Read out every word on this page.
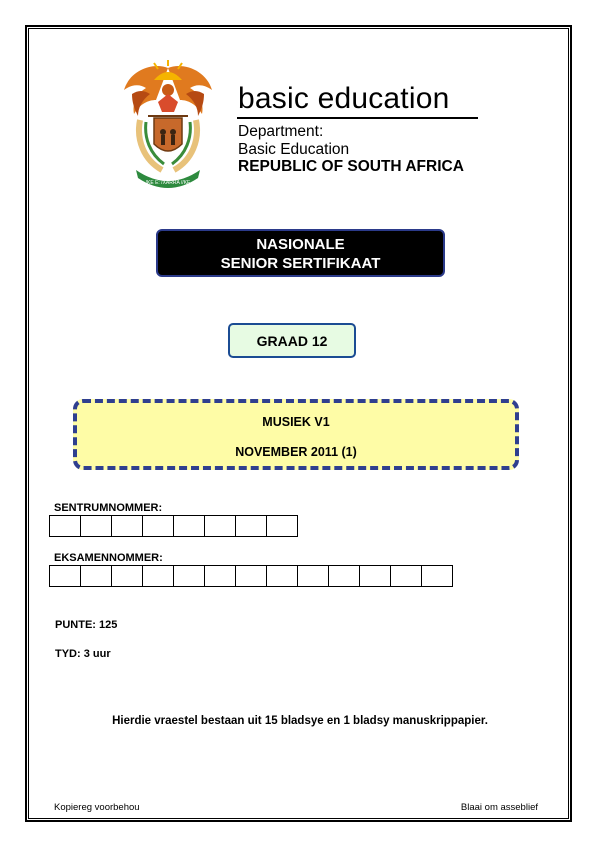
!KE E: /XARRA //KE
basic education
Department:
Basic Education
REPUBLIC OF SOUTH AFRICA
NASIONALE
SENIOR SERTIFIKAAT
GRAAD 12
MUSIEK V1
NOVEMBER 2011 (1)
SENTRUMNOMMER:
EKSAMENNOMMER:
PUNTE: 125
TYD: 3 uur
Hierdie vraestel bestaan uit 15 bladsye en 1 bladsy manuskrippapier.
Kopiereg voorbehou	Blaai om asseblief
